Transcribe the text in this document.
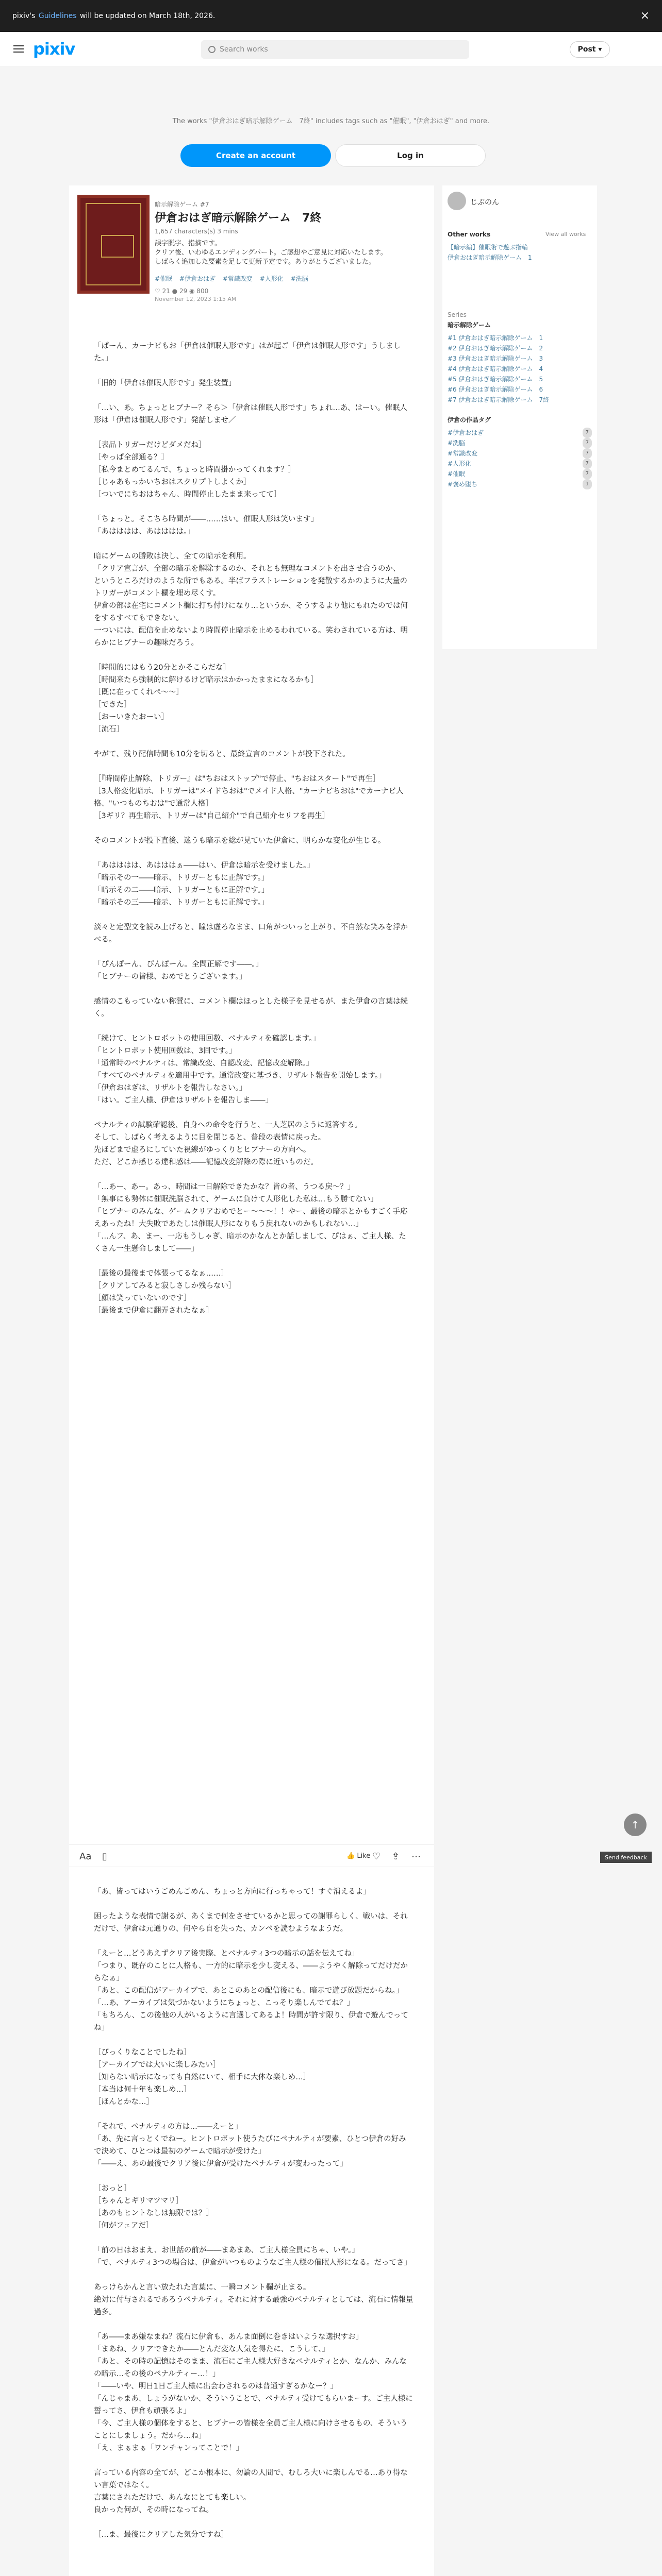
pixiv's
Guidelines
will be updated on March 18th, 2026.	×
pixiv	Search works	Post ▾
The works "伊倉おはぎ暗示解除ゲーム　7終" includes tags such as "催眠", "伊倉おはぎ" and more.
Create an account	Log in
暗示解除ゲーム #7
伊倉おはぎ暗示解除ゲーム　7終
1,657 characters(s) 3 mins
誤字脱字、指摘です。
クリア後、いわゆるエンディングパート。ご感想やご意見に対応いたします。
しばらく追加した要素を足して更新予定です。ありがとうございました。
#催眠 #伊倉おはぎ #常識改変 #人形化 #洗脳
♡ 21 ● 29 ◉ 800
November 12, 2023 1:15 AM

「ぱーん、カーナビもお「伊倉は催眠人形です」はが起ご「伊倉は催眠人形です」うしました。」

「旧的「伊倉は催眠人形です」発生装置」

「…い、あ。ちょっとヒブナー？そら＞「伊倉は催眠人形です」ちょれ…あ、はーい。催眠人形は「伊倉は催眠人形です」発話しませ／

［表品トリガーだけどダメだね］
［やっぱ全部通る？］
［私今まとめてるんで、ちょっと時間掛かってくれます？］
［じゃあもっかいちおはスクリプトしよくか］
［ついでにちおはちゃん、時間停止したまま来ってて］

「ちょっと。そこちら時間が――……はい。催眠人形は笑います」
「あはははは、あはははは。」

暗にゲームの勝敗は決し、全ての暗示を利用。
「クリア宣言が、全部の暗示を解除するのか、それとも無理なコメントを出させ合うのか、
というところだけのような所でもある。半ばフラストレーションを発散するかのように大量のトリガーがコメント欄を埋め尽くす。
伊倉の部は在宅にコメント欄に打ち付けになり…というか、そうするより他にもれたのでは何をするすべてもできない。
一ついには、配信を止めないより時間停止暗示を止めるわれている。笑わされている方は、明らかにヒブナーの趣味だろう。

［時間的にはもう20分とかそこらだな］
［時間来たら強制的に解けるけど暗示はかかったままになるかも］
［既に在ってくれぺ〜〜］
［できた］
［おーいきたおーい］
［流石］

やがて、残り配信時間も10分を切ると、最終宣言のコメントが投下された。

［『時間停止解除、トリガー』は"ちおはストップ"で停止、"ちおはスタート"で再生］
［3人格変化暗示、トリガーは"メイドちおは"でメイド人格、"カーナビちおは"でカーナビ人格、"いつものちおは"で通常人格］
［3ギリ？再生暗示、トリガーは"自己紹介"で自己紹介セリフを再生］

そのコメントが投下直後、迷うも暗示を総が見ていた伊倉に、明らかな変化が生じる。

「あはははは、あはははぁ――はい、伊倉は暗示を受けました。」
「暗示その一――暗示、トリガーともに正解です。」
「暗示その二――暗示、トリガーともに正解です。」
「暗示その三――暗示、トリガーともに正解です。」

淡々と定型文を読み上げると、瞳は虚ろなまま、口角がついっと上がり、不自然な笑みを浮かべる。

「ぴんぽーん、ぴんぽーん。全問正解です――。」
「ヒブナーの皆様、おめでとうございます。」

感情のこもっていない称賛に、コメント欄はほっとした様子を見せるが、また伊倉の言葉は続く。

「続けて、ヒントロボットの使用回数、ペナルティを確認します。」
「ヒントロボット使用回数は、3回です。」
「通常時のペナルティは、常識改変、自認改変、記憶改変解除。」
「すべてのペナルティを適用中です。通常改変に基づき、リザルト報告を開始します。」
「伊倉おはぎは、リザルトを報告しなさい。」
「はい。ご主人様、伊倉はリザルトを報告しま――」

ペナルティの試験確認後、自身への命令を行うと、一人芝居のように返答する。
そして、しばらく考えるように目を閉じると、普段の表情に戻った。
先ほどまで虚ろにしていた視線がゆっくりとヒブナーの方向へ。
ただ、どこか感じる違和感は――記憶改変解除の際に近いものだ。

「…あー、あー。あっ、時間は一日解除できたかな？皆の者、うつる戻～？」
「無事にも勢体に催眠洗脳されて、ゲームに負けて人形化した私は…もう勝てない」
「ヒブナーのみんな、ゲームクリアおめでとー〜〜〜！！やー、最後の暗示とかもすごく手応えあったね！大失敗であたしは催眠人形になりもう戻れないのかもしれない…」
「…んフ、あ、まー、一応もうしゃぎ、暗示のかなんとか話しまして、ぴはぁ、ご主人様、たくさん一生懸命しまして――」

［最後の最後まで体張ってるなぁ……］
［クリアしてみると寂しさしか残らない］
［顔は笑っていないのです］
［最後まで伊倉に翻弄されたなぁ］

Aa ▯	👍 Like ♡ ⇪ ⋯

「あ、皆ってはいうごめんごめん、ちょっと方向に行っちゃって！すぐ消えるよ」

困ったような表情で謝るが、あくまで何をさせているかと思っての謝罪らしく、戦いは、それだけで、伊倉は元通りの、何やら自を失った、カンペを読むようなようだ。

「えーと…どうあえずクリア後実際、とペナルティ3つの暗示の話を伝えてね」
「つまり、既存のことに人格も、一方的に暗示を少し変える、――ようやく解除ってだけだからなぁ」
「あと、この配信がアーカイブで、あとこのあとの配信後にも、暗示で遊び放題だからね。」
「…あ、アーカイブは気づかないようにちょっと、こっそり楽しんでてね？」
「もちろん、この後他の人がいるように言選してあるよ！時間が許す限り、伊倉で遊んでってね」

［びっくりなことでしたね］
［アーカイブでは大いに楽しみたい］
［知らない暗示になっても自然にいて、相手に大体な楽しめ…］
［本当は何十年も楽しめ…］
［ほんとかな…］

「それで、ペナルティの方は…――えーと」
「あ、先に言っとくでねー。ヒントロボット使うたびにペナルティが要素、ひとつ伊倉の好みで決めて、ひとつは最初のゲームで暗示が受けた」
「――え、あの最後でクリア後に伊倉が受けたペナルティが変わったって」

［おっと］
［ちゃんとギリマツマリ］
［あのもヒントなしは無限では？］
［何がフェアだ］

「前の日はおまえ、お世話の前が――まあまあ、ご主人様全員にちゃ、いや。」
「で、ペナルティ3つの場合は、伊倉がいつものようなご主人様の催眠人形になる。だってさ」

あっけらかんと言い放たれた言葉に、一瞬コメント欄が止まる。
絶対に付与されるであろうペナルティ。それに対する最強のペナルティとしては、流石に情報量過多。

「あ――まあ嫌なまね？流石に伊倉も、あんま面倒に巻きはいような選択すお」
「まあね、クリアできたか――とんだ変な人気を得たに、こうして、」
「あと、その時の記憶はそのまま、流石にご主人様大好きなペナルティとか、なんか、みんなの暗示…その後のペナルティー…！」
「――いや、明日1日ご主人様に出会わされるのは普通すぎるかなー？」
「んじゃまあ、しょうがないか、そういうことで、ペナルティ受けてもらいまーす。ご主人様に誓ってさ、伊倉も頑張るよ」
「今、ご主人様の個体をすると、ヒブナーの皆様を全員ご主人様に向けさせるもの、そういうことにしましょう。だから…ね」
「え、まぁまぁ「ワンチャンってことで！」

言っている内容の全てが、どこか根本に、勿論の人間で、むしろ大いに楽しんでる…あり得ない言葉ではなく。
言葉にされただけで、あんなにとても楽しい。
良かった何が、その時になってね。

［…ま、最後にクリアした気分ですね］

じぶのん
Other works	View all works
【暗示編】催眠術で遊ぶ指輪
伊倉おはぎ暗示解除ゲーム　1
Series
暗示解除ゲーム
#1 伊倉おはぎ暗示解除ゲーム　1
#2 伊倉おはぎ暗示解除ゲーム　2
#3 伊倉おはぎ暗示解除ゲーム　3
#4 伊倉おはぎ暗示解除ゲーム　4
#5 伊倉おはぎ暗示解除ゲーム　5
#6 伊倉おはぎ暗示解除ゲーム　6
#7 伊倉おはぎ暗示解除ゲーム　7終
伊倉の作品タグ
7
#伊倉おはぎ
7
#洗脳
7
#常識改変
7
#人形化
7
#催眠
1
#褒め堕ち
↑
Send feedback
